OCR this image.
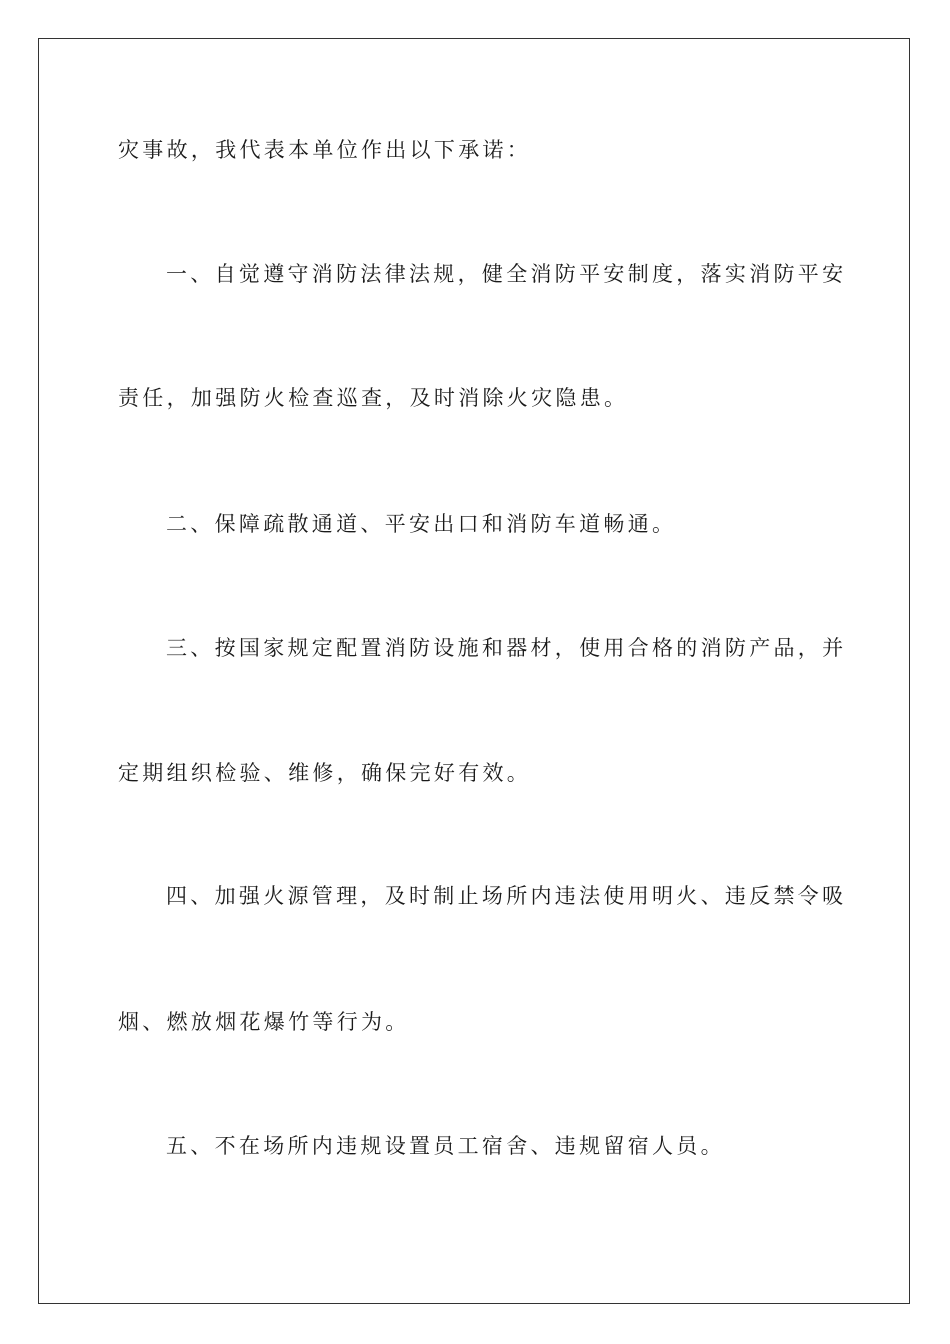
灾事故，我代表本单位作出以下承诺：
一、自觉遵守消防法律法规，健全消防平安制度，落实消防平安
责任，加强防火检查巡查，及时消除火灾隐患。
二、保障疏散通道、平安出口和消防车道畅通。
三、按国家规定配置消防设施和器材，使用合格的消防产品，并
定期组织检验、维修，确保完好有效。
四、加强火源管理，及时制止场所内违法使用明火、违反禁令吸
烟、燃放烟花爆竹等行为。
五、不在场所内违规设置员工宿舍、违规留宿人员。
